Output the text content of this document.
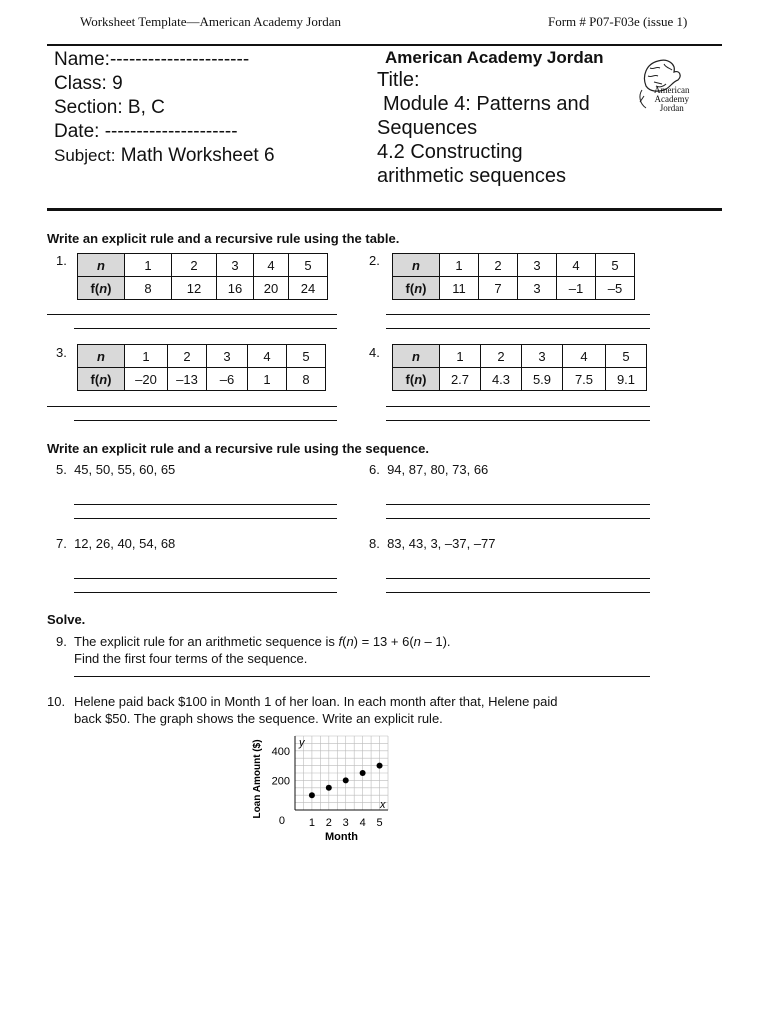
Worksheet Template—American Academy Jordan	Form # P07-F03e (issue 1)
Name:----------------------
Class: 9
Section: B, C
Date: ---------------------
Subject: Math Worksheet 6
American Academy Jordan
Title:
Module 4: Patterns and
Sequences
4.2 Constructing
arithmetic sequences
American
Academy
Jordan
Write an explicit rule and a recursive rule using the table.
1. n	1	2	3	4	5
f(n)	8	12	16	20	24
2. n	1	2	3	4	5
f(n)	11	7	3	–1	–5
3. n	1	2	3	4	5
f(n)	–20	–13	–6	1	8
4. n	1	2	3	4	5
f(n)	2.7	4.3	5.9	7.5	9.1
Write an explicit rule and a recursive rule using the sequence.
5. 45, 50, 55, 60, 65	6. 94, 87, 80, 73, 66
7. 12, 26, 40, 54, 68	8. 83, 43, 3, –37, –77
Solve.
9. The explicit rule for an arithmetic sequence is f(n) = 13 + 6(n – 1).
Find the first four terms of the sequence.
10. Helene paid back $100 in Month 1 of her loan. In each month after that, Helene paid
back $50. The graph shows the sequence. Write an explicit rule.
1 2 3 4 5
200
400
0
x
y
Month
Loan Amount ($)
